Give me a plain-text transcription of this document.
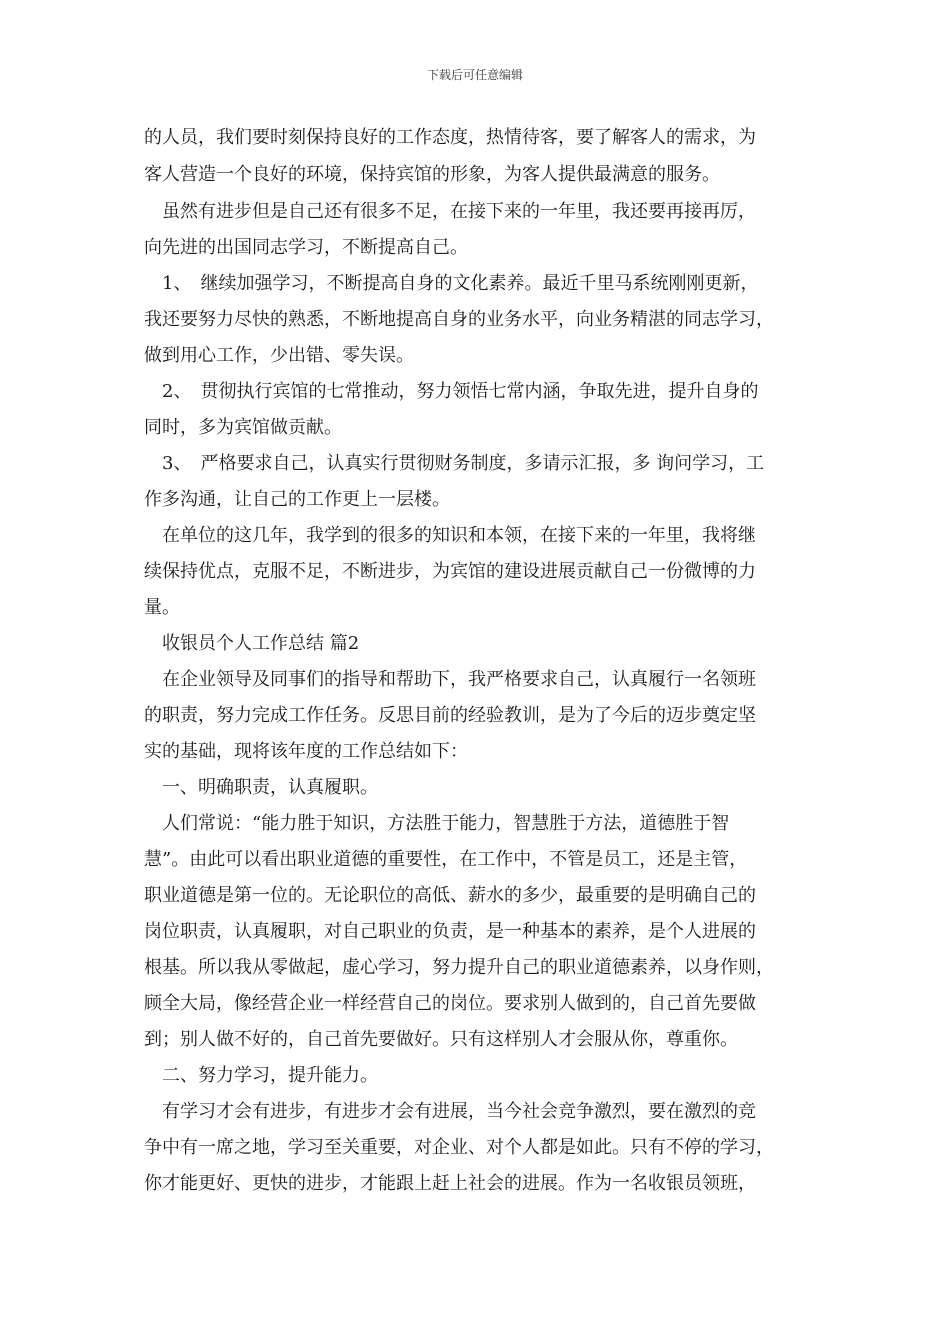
下载后可任意编辑
的人员，我们要时刻保持良好的工作态度，热情待客，要了解客人的需求，为
客人营造一个良好的环境，保持宾馆的形象，为客人提供最满意的服务。
　虽然有进步但是自己还有很多不足，在接下来的一年里，我还要再接再厉，
向先进的出国同志学习，不断提高自己。
　1、　继续加强学习，不断提高自身的文化素养。最近千里马系统刚刚更新，
我还要努力尽快的熟悉，不断地提高自身的业务水平，向业务精湛的同志学习，
做到用心工作，少出错、零失误。
　2、　贯彻执行宾馆的七常推动，努力领悟七常内涵，争取先进，提升自身的
同时，多为宾馆做贡献。
　3、　严格要求自己，认真实行贯彻财务制度，多请示汇报，多 询问学习，工
作多沟通，让自己的工作更上一层楼。
　在单位的这几年，我学到的很多的知识和本领，在接下来的一年里，我将继
续保持优点，克服不足，不断进步，为宾馆的建设进展贡献自己一份微博的力
量。
　收银员个人工作总结 篇2
　在企业领导及同事们的指导和帮助下，我严格要求自己，认真履行一名领班
的职责，努力完成工作任务。反思目前的经验教训，是为了今后的迈步奠定坚
实的基础，现将该年度的工作总结如下：
　一、明确职责，认真履职。
　人们常说：“能力胜于知识，方法胜于能力，智慧胜于方法，道德胜于智
慧”。由此可以看出职业道德的重要性，在工作中，不管是员工，还是主管，
职业道德是第一位的。无论职位的高低、薪水的多少，最重要的是明确自己的
岗位职责，认真履职，对自己职业的负责，是一种基本的素养，是个人进展的
根基。所以我从零做起，虚心学习，努力提升自己的职业道德素养，以身作则，
顾全大局，像经营企业一样经营自己的岗位。要求别人做到的，自己首先要做
到；别人做不好的，自己首先要做好。只有这样别人才会服从你，尊重你。
　二、努力学习，提升能力。
　有学习才会有进步，有进步才会有进展，当今社会竞争激烈，要在激烈的竞
争中有一席之地，学习至关重要，对企业、对个人都是如此。只有不停的学习，
你才能更好、更快的进步，才能跟上赶上社会的进展。作为一名收银员领班，
